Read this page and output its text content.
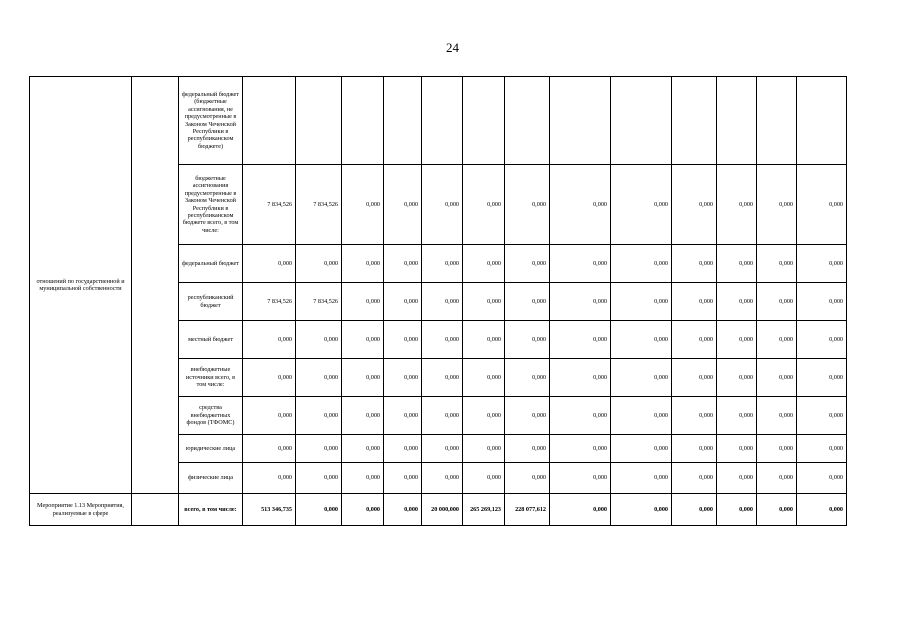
24
отношений по государственной и муниципальной собственности		федеральный бюджет (бюджетные ассигнования, не предусмотренные в Законом Чеченской Республики в республиканском бюджете)													
		бюджетные ассигнования предусмотренные в Законом Чеченской Республики в республиканском бюджете всего, в том числе:	7 834,526	7 834,526	0,000	0,000	0,000	0,000	0,000	0,000	0,000	0,000	0,000	0,000	0,000
		федеральный бюджет	0,000	0,000	0,000	0,000	0,000	0,000	0,000	0,000	0,000	0,000	0,000	0,000	0,000
		республиканский бюджет	7 834,526	7 834,526	0,000	0,000	0,000	0,000	0,000	0,000	0,000	0,000	0,000	0,000	0,000
		местный бюджет	0,000	0,000	0,000	0,000	0,000	0,000	0,000	0,000	0,000	0,000	0,000	0,000	0,000
		внебюджетные источники всего, в том числе:	0,000	0,000	0,000	0,000	0,000	0,000	0,000	0,000	0,000	0,000	0,000	0,000	0,000
		средства внебюджетных фондов (ТФОМС)	0,000	0,000	0,000	0,000	0,000	0,000	0,000	0,000	0,000	0,000	0,000	0,000	0,000
		юридические лица	0,000	0,000	0,000	0,000	0,000	0,000	0,000	0,000	0,000	0,000	0,000	0,000	0,000
		физические лица	0,000	0,000	0,000	0,000	0,000	0,000	0,000	0,000	0,000	0,000	0,000	0,000	0,000
Мероприятие 1.13 Мероприятия, реализуемые в сфере		всего, в том числе:	513 346,735	0,000	0,000	0,000	20 000,000	265 269,123	228 077,612	0,000	0,000	0,000	0,000	0,000	0,000
